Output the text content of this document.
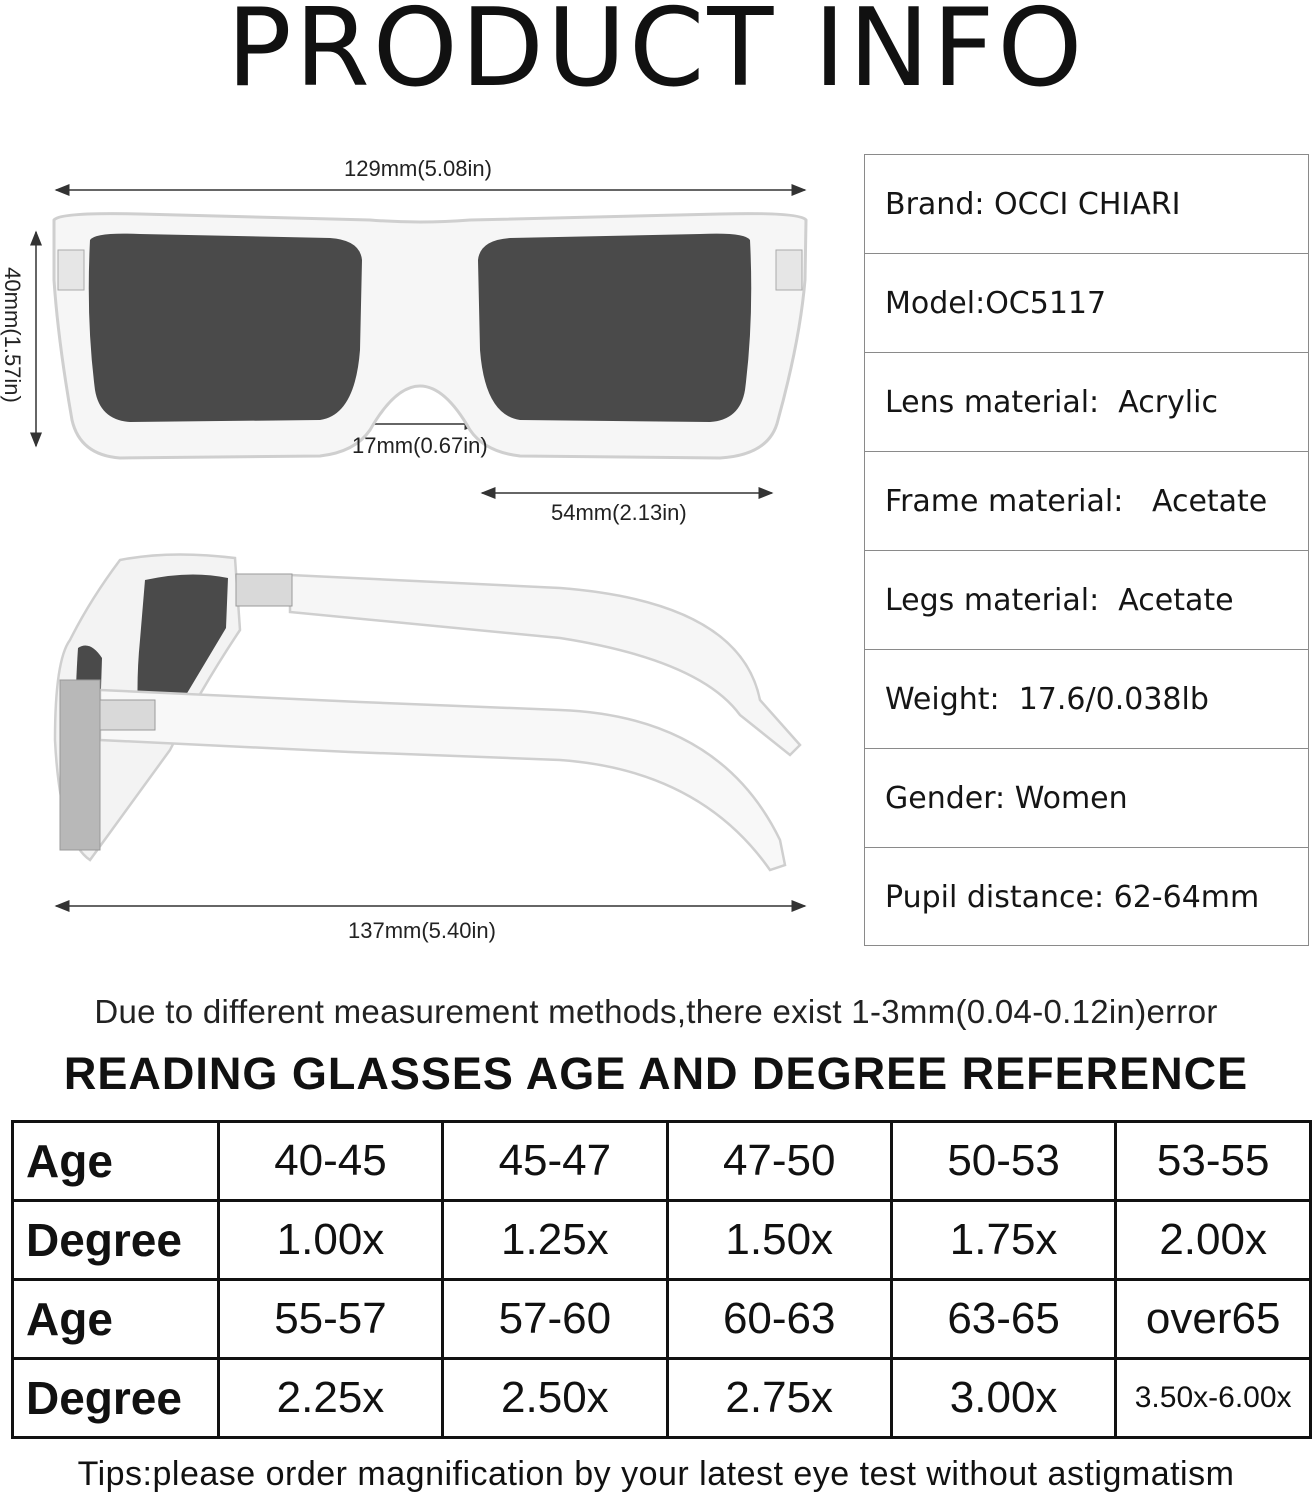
PRODUCT INFO
129mm(5.08in)
40mm(1.57in)
17mm(0.67in)
54mm(2.13in)
137mm(5.40in)
Brand:
OCCI CHIARI
Model: OC5117
Lens material:
Acrylic
Frame material:
Acetate
Legs material:
Acetate
Weight:
17.6/0.038lb
Gender:
Women
Pupil distance:
62-64mm
Due to different measurement methods,there exist 1-3mm(0.04-0.12in)error
READING GLASSES AGE AND DEGREE REFERENCE
Age	40-45	45-47	47-50	50-53	53-55
Degree	1.00x	1.25x	1.50x	1.75x	2.00x
Age	55-57	57-60	60-63	63-65	over65
Degree	2.25x	2.50x	2.75x	3.00x	3.50x-6.00x
Tips:please order magnification by your latest eye test without astigmatism
